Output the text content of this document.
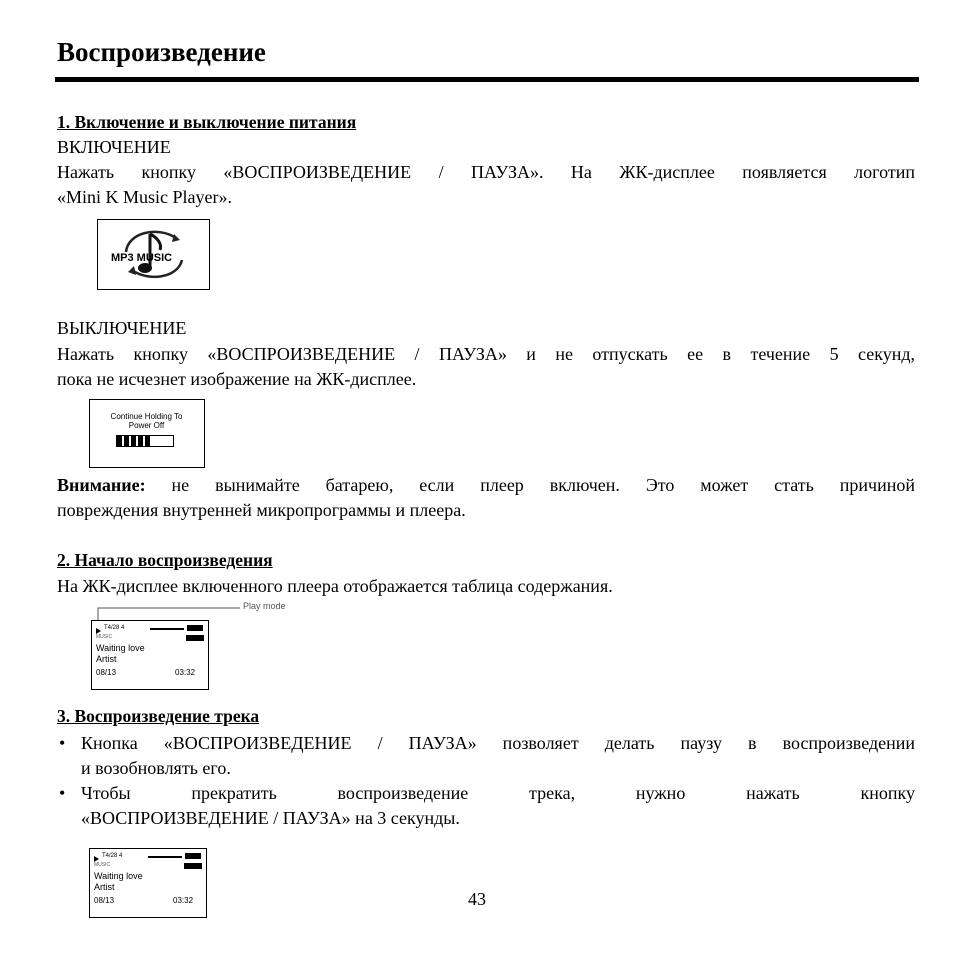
Воспроизведение
1. Включение и выключение питания
ВКЛЮЧЕНИЕ
Нажать кнопку «ВОСПРОИЗВЕДЕНИЕ / ПАУЗА». На ЖК-дисплее появляется логотип
«Mini K Music Player».
MP3 MUSIC
ВЫКЛЮЧЕНИЕ
Нажать кнопку «ВОСПРОИЗВЕДЕНИЕ / ПАУЗА» и не отпускать ее в течение 5 секунд,
пока не исчезнет изображение на ЖК-дисплее.
Continue Holding To
Power Off
Внимание: не вынимайте батарею, если плеер включен. Это может стать причиной
повреждения внутренней микропрограммы и плеера.
2. Начало воспроизведения
На ЖК-дисплее включенного плеера отображается таблица содержания.
Play mode
T4/28 4
MUSIC
Waiting love
Artist
08/13	03:32
3. Воспроизведение трека
• Кнопка «ВОСПРОИЗВЕДЕНИЕ / ПАУЗА» позволяет делать паузу в воспроизведении
и возобновлять его.
• Чтобы прекратить воспроизведение трека, нужно нажать кнопку
«ВОСПРОИЗВЕДЕНИЕ / ПАУЗА» на 3 секунды.
T4/28 4
MUSIC
Waiting love
Artist
08/13	03:32	43
